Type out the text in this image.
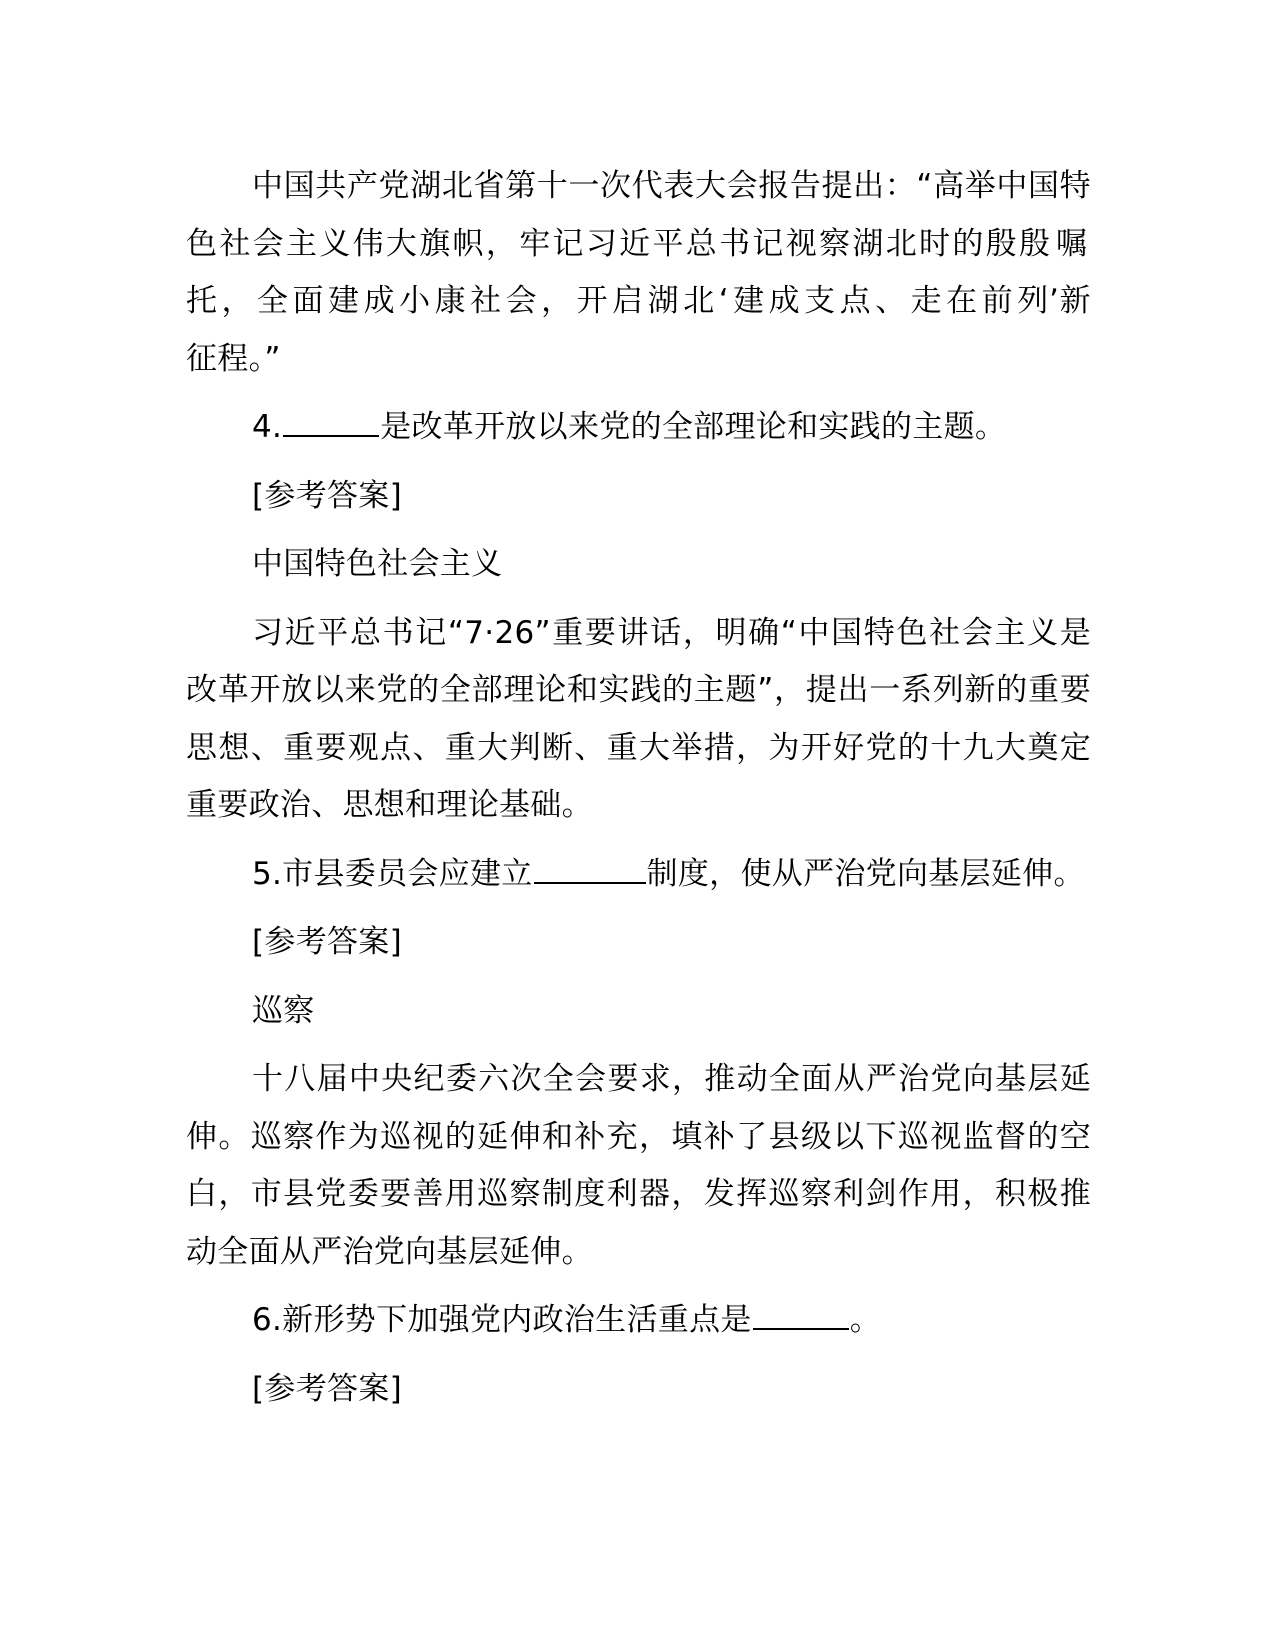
中国共产党湖北省第十一次代表大会报告提出：“高举中国特色社会主义伟大旗帜，牢记习近平总书记视察湖北时的殷殷嘱托，全面建成小康社会，开启湖北‘建成支点、走在前列’新征程。”

4.	是改革开放以来党的全部理论和实践的主题。

[参考答案]

中国特色社会主义

习近平总书记“7·26”重要讲话，明确“中国特色社会主义是改革开放以来党的全部理论和实践的主题”，提出一系列新的重要思想、重要观点、重大判断、重大举措，为开好党的十九大奠定重要政治、思想和理论基础。

5.市县委员会应建立	制度，使从严治党向基层延伸。

[参考答案]

巡察

十八届中央纪委六次全会要求，推动全面从严治党向基层延伸。巡察作为巡视的延伸和补充，填补了县级以下巡视监督的空白，市县党委要善用巡察制度利器，发挥巡察利剑作用，积极推动全面从严治党向基层延伸。

6.新形势下加强党内政治生活重点是	。

[参考答案]
